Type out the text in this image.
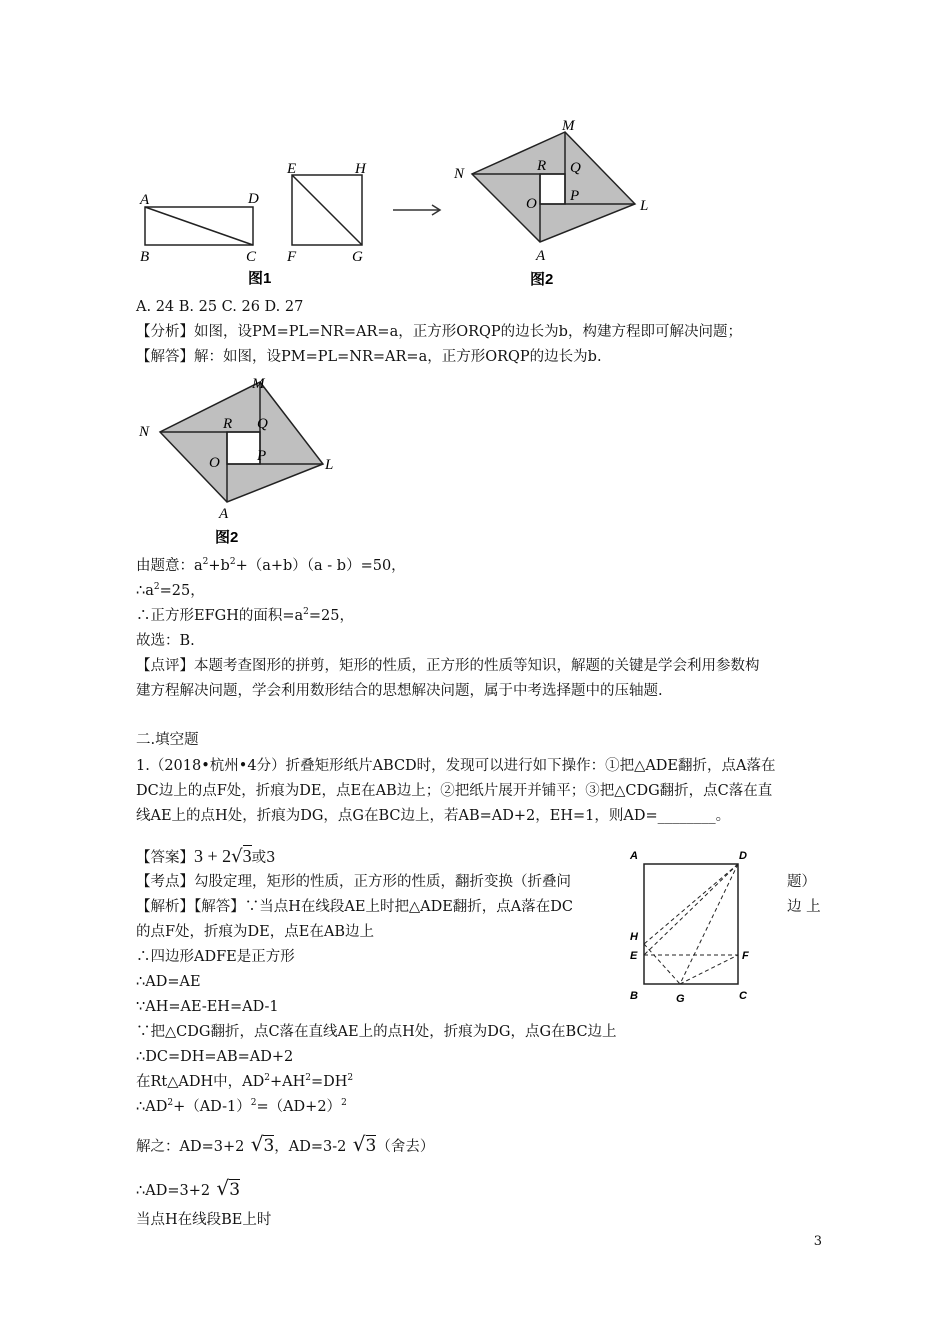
A	D
B	C
E	H
F	G
图1
M
N	R Q
O P
L
A
图2
A. 24 B. 25 C. 26 D. 27
【分析】如图，设PM=PL=NR=AR=a，正方形ORQP的边长为b，构建方程即可解决问题；
【解答】解：如图，设PM=PL=NR=AR=a，正方形ORQP的边长为b.
M
N	R Q
O P
L
A
图2
由题意：$a^2+b^2+(a+b)(a - b)=50$，
$\therefore a^2=25$，
∴正方形EFGH的面积$=a^2=25$，
故选：B.
【点评】本题考查图形的拼剪，矩形的性质，正方形的性质等知识，解题的关键是学会利用参数构
建方程解决问题，学会利用数形结合的思想解决问题，属于中考选择题中的压轴题.
二.填空题
1.（2018•杭州•4分）折叠矩形纸片ABCD时，发现可以进行如下操作：①把△ADE翻折，点A落在
DC边上的点F处，折痕为DE，点E在AB边上；②把纸片展开并铺平；③把△CDG翻折，点C落在直
线AE上的点H处，折痕为DG，点G在BC边上，若AB=AD+2，EH=1，则AD=________。
【答案】3 + 2√3或3
【考点】勾股定理，矩形的性质，正方形的性质，翻折变换（折叠问	题）
【解析】【解答】∵当点H在线段AE上时把△ADE翻折，点A落在DC	边 上
的点F处，折痕为DE，点E在AB边上
∴四边形ADFE是正方形
∴AD=AE
∵AH=AE-EH=AD-1
∵把△CDG翻折，点C落在直线AE上的点H处，折痕为DG，点G在BC边上
∴DC=DH=AB=AD+2
在Rt△ADH中，$AD^2+AH^2=DH^2$
$\therefore AD^2+(AD-1)^2=(AD+2)^2$
解之：AD=3+2 √3，AD=3-2 √3（舍去）
∴AD=3+2 √3
当点H在线段BE上时
A	D
H
E	F
B	G	C
3
